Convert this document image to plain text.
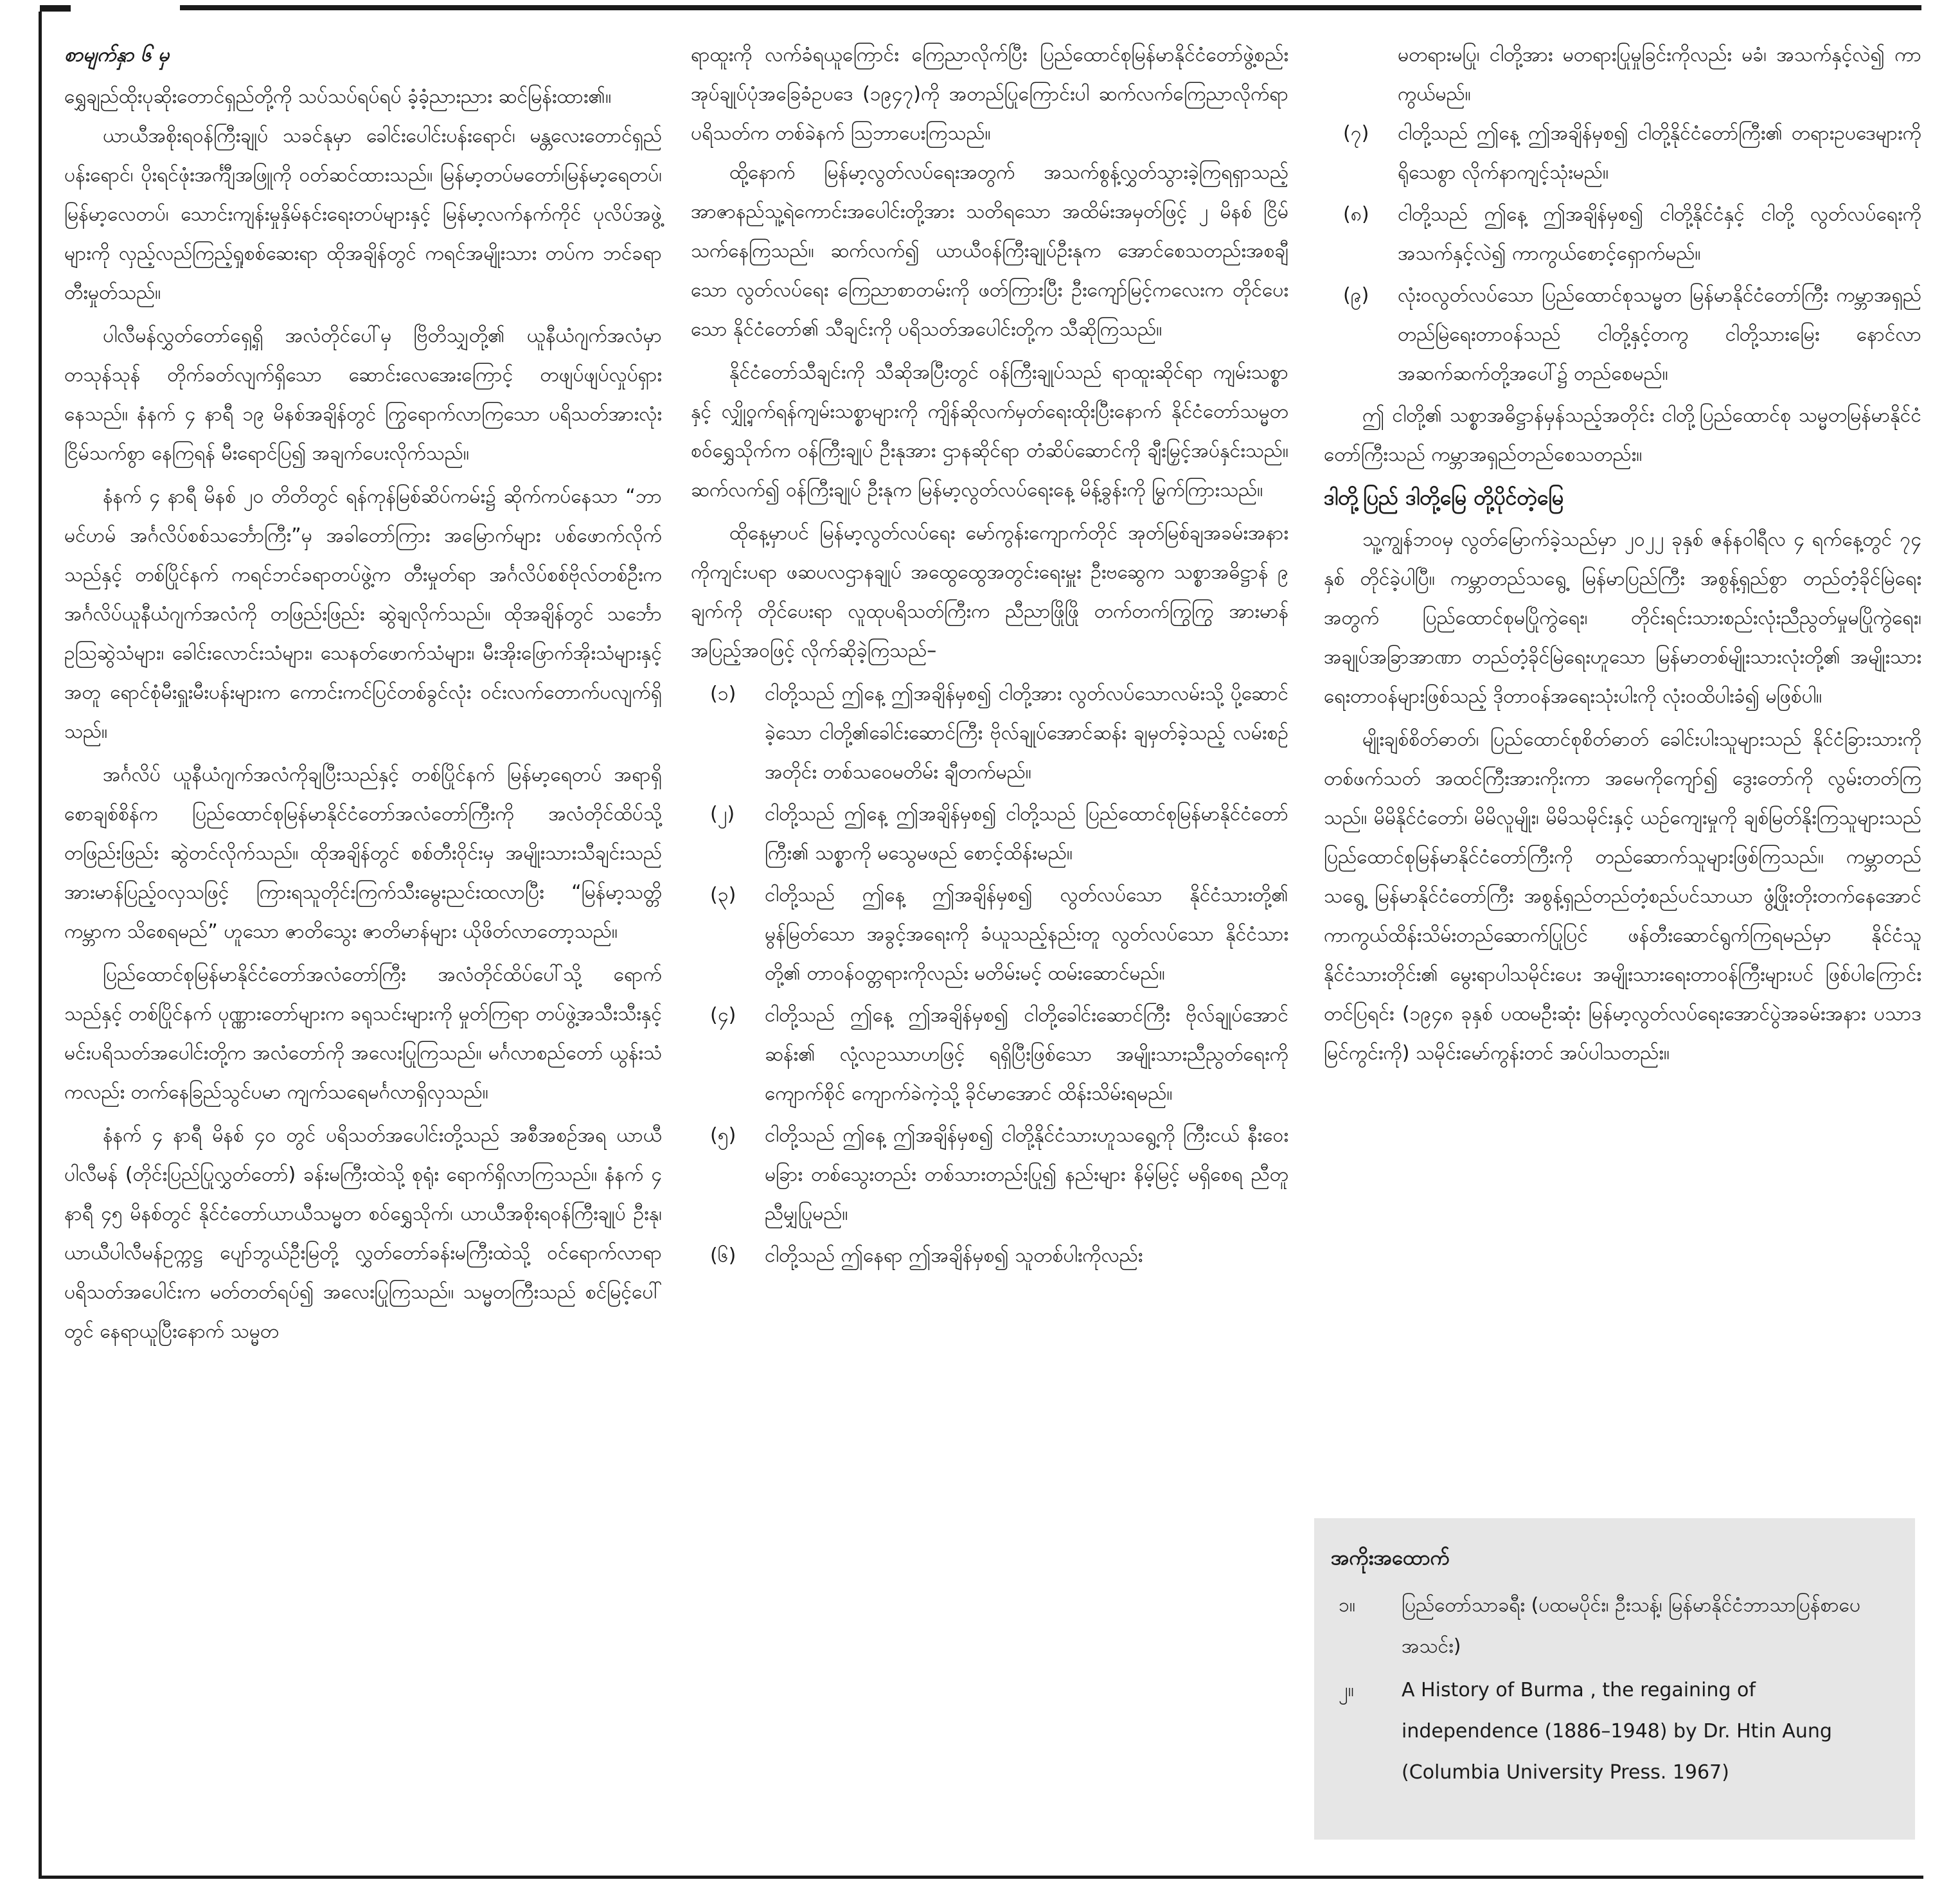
စာမျက်နှာ ၆ မှ

ရွှေချည်ထိုးပုဆိုးတောင်ရှည်တို့ကို သပ်သပ်ရပ်ရပ် ခံ့ခံ့ညားညား ဆင်မြန်းထား၏။

ယာယီအစိုးရဝန်ကြီးချုပ် သခင်နုမှာ ခေါင်းပေါင်းပန်းရောင်၊ မန္တလေးတောင်ရှည် ပန်းရောင်၊ ပိုးရင်ဖုံးအင်္ကျီအဖြူကို ဝတ်ဆင်ထားသည်။ မြန်မာ့တပ်မတော်၊မြန်မာ့ရေတပ်၊ မြန်မာ့လေတပ်၊ သောင်းကျန်းမှုနှိမ်နင်းရေးတပ်များနှင့် မြန်မာ့လက်နက်ကိုင် ပုလိပ်အဖွဲ့များကို လှည့်လည်ကြည့်ရှုစစ်ဆေးရာ ထိုအချိန်တွင် ကရင်အမျိုးသား တပ်က ဘင်ခရာ တီးမှုတ်သည်။

ပါလီမန်လွှတ်တော်ရှေ့ရှိ အလံတိုင်ပေါ်မှ ဗြိတိသျှတို့၏ ယူနီယံဂျက်အလံမှာ တသုန်သုန် တိုက်ခတ်လျက်ရှိသော ဆောင်းလေအေးကြောင့် တဖျပ်ဖျပ်လှုပ်ရှားနေသည်။ နံနက် ၄ နာရီ ၁၉ မိနစ်အချိန်တွင် ကြွရောက်လာကြသော ပရိသတ်အားလုံး ငြိမ်သက်စွာ နေကြရန် မီးရောင်ပြ၍ အချက်ပေးလိုက်သည်။

နံနက် ၄ နာရီ မိနစ် ၂၀ တိတိတွင် ရန်ကုန်မြစ်ဆိပ်ကမ်း၌ ဆိုက်ကပ်နေသာ “ဘာမင်ဟမ် အင်္ဂလိပ်စစ်သင်္ဘောကြီး”မှ အခါတော်ကြား အမြောက်များ ပစ်ဖောက်လိုက်သည်နှင့် တစ်ပြိုင်နက် ကရင်ဘင်ခရာတပ်ဖွဲ့က တီးမှုတ်ရာ အင်္ဂလိပ်စစ်ဗိုလ်တစ်ဦးက အင်္ဂလိပ်ယူနီယံဂျက်အလံကို တဖြည်းဖြည်း ဆွဲချလိုက်သည်။ ထိုအချိန်တွင် သင်္ဘောဥဩဆွဲသံများ၊ ခေါင်းလောင်းသံများ၊ သေနတ်ဖောက်သံများ၊ မီးအိုးဖြောက်အိုးသံများနှင့်အတူ ရောင်စုံမီးရှူးမီးပန်းများက ကောင်းကင်ပြင်တစ်ခွင်လုံး ဝင်းလက်တောက်ပလျက်ရှိသည်။

အင်္ဂလိပ် ယူနီယံဂျက်အလံကိုချပြီးသည်နှင့် တစ်ပြိုင်နက် မြန်မာ့ရေတပ် အရာရှိ စောချစ်စိန်က ပြည်ထောင်စုမြန်မာနိုင်ငံတော်အလံတော်ကြီးကို အလံတိုင်ထိပ်သို့ တဖြည်းဖြည်း ဆွဲတင်လိုက်သည်။ ထိုအချိန်တွင် စစ်တီးဝိုင်းမှ အမျိုးသားသီချင်းသည် အားမာန်ပြည့်ဝလှသဖြင့် ကြားရသူတိုင်းကြက်သီးမွေးညင်းထလာပြီး “မြန်မာ့သတ္တိ ကမ္ဘာက သိစေရမည်” ဟူသော ဇာတိသွေး ဇာတိမာန်များ ယိုဖိတ်လာတော့သည်။

ပြည်ထောင်စုမြန်မာနိုင်ငံတော်အလံတော်ကြီး အလံတိုင်ထိပ်ပေါ်သို့ ရောက်သည်နှင့် တစ်ပြိုင်နက် ပုဏ္ဏားတော်များက ခရုသင်းများကို မှုတ်ကြရာ တပ်ဖွဲ့အသီးသီးနှင့် မင်းပရိသတ်အပေါင်းတို့က အလံတော်ကို အလေးပြုကြသည်။ မင်္ဂလာစည်တော် ယွန်းသံကလည်း တက်နေခြည်သွင်ပမာ ကျက်သရေမင်္ဂလာရှိလှသည်။

နံနက် ၄ နာရီ မိနစ် ၄၀ တွင် ပရိသတ်အပေါင်းတို့သည် အစီအစဉ်အရ ယာယီပါလီမန် (တိုင်းပြည်ပြုလွှတ်တော်) ခန်းမကြီးထဲသို့ စုရုံး ရောက်ရှိလာကြသည်။ နံနက် ၄ နာရီ ၄၅ မိနစ်တွင် နိုင်ငံတော်ယာယီသမ္မတ စဝ်ရွှေသိုက်၊ ယာယီအစိုးရဝန်ကြီးချုပ် ဦးနု၊ ယာယီပါလီမန်ဥက္ကဋ္ဌ ပျော်ဘွယ်ဦးမြတို့ လွှတ်တော်ခန်းမကြီးထဲသို့ ဝင်ရောက်လာရာ ပရိသတ်အပေါင်းက မတ်တတ်ရပ်၍ အလေးပြုကြသည်။ သမ္မတကြီးသည် စင်မြင့်ပေါ်တွင် နေရာယူပြီးနောက် သမ္မတ

ရာထူးကို လက်ခံရယူကြောင်း ကြေညာလိုက်ပြီး ပြည်ထောင်စုမြန်မာနိုင်ငံတော်ဖွဲ့စည်းအုပ်ချုပ်ပုံအခြေခံဥပဒေ (၁၉၄၇)ကို အတည်ပြုကြောင်းပါ ဆက်လက်ကြေညာလိုက်ရာ ပရိသတ်က တစ်ခဲနက် သြဘာပေးကြသည်။

ထို့နောက် မြန်မာ့လွတ်လပ်ရေးအတွက် အသက်စွန့်လွှတ်သွားခဲ့ကြရရှာသည့် အာဇာနည်သူ့ရဲကောင်းအပေါင်းတို့အား သတိရသော အထိမ်းအမှတ်ဖြင့် ၂ မိနစ် ငြိမ်သက်နေကြသည်။ ဆက်လက်၍ ယာယီဝန်ကြီးချုပ်ဦးနုက အောင်စေသတည်းအစချီသော လွတ်လပ်ရေး ကြေညာစာတမ်းကို ဖတ်ကြားပြီး ဦးကျော်မြင့်ကလေးက တိုင်ပေးသော နိုင်ငံတော်၏ သီချင်းကို ပရိသတ်အပေါင်းတို့က သီဆိုကြသည်။

နိုင်ငံတော်သီချင်းကို သီဆိုအပြီးတွင် ဝန်ကြီးချုပ်သည် ရာထူးဆိုင်ရာ ကျမ်းသစ္စာနှင့် လျှို့ဝှက်ရန်ကျမ်းသစ္စာများကို ကျိန်ဆိုလက်မှတ်ရေးထိုးပြီးနောက် နိုင်ငံတော်သမ္မတ စဝ်ရွှေသိုက်က ဝန်ကြီးချုပ် ဦးနုအား ဌာနဆိုင်ရာ တံဆိပ်ဆောင်ကို ချီးမြှင့်အပ်နှင်းသည်။ ဆက်လက်၍ ဝန်ကြီးချုပ် ဦးနုက မြန်မာ့လွတ်လပ်ရေးနေ့ မိန့်ခွန်းကို မြွက်ကြားသည်။

ထိုနေ့မှာပင် မြန်မာ့လွတ်လပ်ရေး မော်ကွန်းကျောက်တိုင် အုတ်မြစ်ချအခမ်းအနားကိုကျင်းပရာ ဖဆပလဌာနချုပ် အထွေထွေအတွင်းရေးမှူး ဦးဗဆွေက သစ္စာအဓိဋ္ဌာန် ၉ ချက်ကို တိုင်ပေးရာ လူထုပရိသတ်ကြီးက ညီညာဖြိုဖြို တက်တက်ကြွကြွ အားမာန်အပြည့်အဝဖြင့် လိုက်ဆိုခဲ့ကြသည်–

(၁)	ငါတို့သည် ဤနေ့ ဤအချိန်မှစ၍ ငါတို့အား လွတ်လပ်သောလမ်းသို့ ပို့ဆောင်ခဲ့သော ငါတို့၏ခေါင်းဆောင်ကြီး ဗိုလ်ချုပ်အောင်ဆန်း ချမှတ်ခဲ့သည့် လမ်းစဉ်အတိုင်း တစ်သဝေမတိမ်း ချီတက်မည်။
(၂)	ငါတို့သည် ဤနေ့ ဤအချိန်မှစ၍ ငါတို့သည် ပြည်ထောင်စုမြန်မာနိုင်ငံတော်ကြီး၏ သစ္စာကို မသွေမဖည် စောင့်ထိန်းမည်။
(၃)	ငါတို့သည် ဤနေ့ ဤအချိန်မှစ၍ လွတ်လပ်သော နိုင်ငံသားတို့၏ မွန်မြတ်သော အခွင့်အရေးကို ခံယူသည့်နည်းတူ လွတ်လပ်သော နိုင်ငံသားတို့၏ တာဝန်ဝတ္တရားကိုလည်း မတိမ်းမင့် ထမ်းဆောင်မည်။
(၄)	ငါတို့သည် ဤနေ့ ဤအချိန်မှစ၍ ငါတို့ခေါင်းဆောင်ကြီး ဗိုလ်ချုပ်အောင်ဆန်း၏ လုံ့လဥဿာဟဖြင့် ရရှိပြီးဖြစ်သော အမျိုးသားညီညွတ်ရေးကို ကျောက်စိုင် ကျောက်ခဲကဲ့သို့ ခိုင်မာအောင် ထိန်းသိမ်းရမည်။
(၅)	ငါတို့သည် ဤနေ့ ဤအချိန်မှစ၍ ငါတို့နိုင်ငံသားဟူသရွေ့ကို ကြီးငယ် နီးဝေး မခြား တစ်သွေးတည်း တစ်သားတည်းပြု၍ နည်းများ နိမ့်မြင့် မရှိစေရ ညီတူ ညီမျှပြုမည်။
(၆)	ငါတို့သည် ဤနေရာ ဤအချိန်မှစ၍ သူတစ်ပါးကိုလည်း

မတရားမပြု၊ ငါတို့အား မတရားပြုမှုခြင်းကိုလည်း မခံ၊ အသက်နှင့်လဲ၍ ကာကွယ်မည်။

(၇)	ငါတို့သည် ဤနေ့ ဤအချိန်မှစ၍ ငါတို့နိုင်ငံတော်ကြီး၏ တရားဥပဒေများကို ရိုသေစွာ လိုက်နာကျင့်သုံးမည်။
(၈)	ငါတို့သည် ဤနေ့ ဤအချိန်မှစ၍ ငါတို့နိုင်ငံနှင့် ငါတို့ လွတ်လပ်ရေးကို အသက်နှင့်လဲ၍ ကာကွယ်စောင့်ရှောက်မည်။
(၉)	လုံးဝလွတ်လပ်သော ပြည်ထောင်စုသမ္မတ မြန်မာနိုင်ငံတော်ကြီး ကမ္ဘာအရှည် တည်မြဲရေးတာဝန်သည် ငါတို့နှင့်တကွ ငါတို့သားမြေး နောင်လာအဆက်ဆက်တို့အပေါ်၌ တည်စေမည်။

ဤ ငါတို့၏ သစ္စာအဓိဋ္ဌာန်မှန်သည့်အတိုင်း ငါတို့ပြည်ထောင်စု သမ္မတမြန်မာနိုင်ငံတော်ကြီးသည် ကမ္ဘာအရှည်တည်စေသတည်း။

ဒါတို့ပြည် ဒါတို့မြေ တို့ပိုင်တဲ့မြေ

သူ့ကျွန်ဘဝမှ လွတ်မြောက်ခဲ့သည်မှာ ၂၀၂၂ ခုနှစ် ဇန်နဝါရီလ ၄ ရက်နေ့တွင် ၇၄ နှစ် တိုင်ခဲ့ပါပြီ။ ကမ္ဘာတည်သရွေ့ မြန်မာပြည်ကြီး အစွန့်ရှည်စွာ တည်တံ့ခိုင်မြဲရေးအတွက် ပြည်ထောင်စုမပြိုကွဲရေး၊ တိုင်းရင်းသားစည်းလုံးညီညွတ်မှုမပြိုကွဲရေး၊ အချုပ်အခြာအာဏာ တည်တံ့ခိုင်မြဲရေးဟူသော မြန်မာတစ်မျိုးသားလုံးတို့၏ အမျိုးသားရေးတာဝန်များဖြစ်သည့် ဒိုတာဝန်အရေးသုံးပါးကို လုံးဝထိပါးခံ၍ မဖြစ်ပါ။

မျိုးချစ်စိတ်ဓာတ်၊ ပြည်ထောင်စုစိတ်ဓာတ် ခေါင်းပါးသူများသည် နိုင်ငံခြားသားကို တစ်ဖက်သတ် အထင်ကြီးအားကိုးကာ အမေကိုကျော်၍ ဒွေးတော်ကို လွမ်းတတ်ကြသည်။ မိမိနိုင်ငံတော်၊ မိမိလူမျိုး၊ မိမိသမိုင်းနှင့် ယဉ်ကျေးမှုကို ချစ်မြတ်နိုးကြသူများသည် ပြည်ထောင်စုမြန်မာနိုင်ငံတော်ကြီးကို တည်ဆောက်သူများဖြစ်ကြသည်။ ကမ္ဘာတည်သရွေ့ မြန်မာနိုင်ငံတော်ကြီး အစွန့်ရှည်တည်တံ့စည်ပင်သာယာ ဖွံ့ဖြိုးတိုးတက်နေအောင် ကာကွယ်ထိန်းသိမ်းတည်ဆောက်ပြုပြင် ဖန်တီးဆောင်ရွက်ကြရမည်မှာ နိုင်ငံသူ နိုင်ငံသားတိုင်း၏ မွေးရာပါသမိုင်းပေး အမျိုးသားရေးတာဝန်ကြီးများပင် ဖြစ်ပါကြောင်း တင်ပြရင်း (၁၉၄၈ ခုနှစ် ပထမဦးဆုံး မြန်မာ့လွတ်လပ်ရေးအောင်ပွဲအခမ်းအနား ပသာဒမြင်ကွင်းကို) သမိုင်းမော်ကွန်းတင် အပ်ပါသတည်း။

အကိုးအထောက်
၁။ ပြည်တော်သာခရီး (ပထမပိုင်း၊ ဦးသန့်၊ မြန်မာနိုင်ငံဘာသာပြန်စာပေအသင်း)
၂။ A History of Burma , the regaining of independence (1886–1948) by Dr. Htin Aung (Columbia University Press. 1967)
